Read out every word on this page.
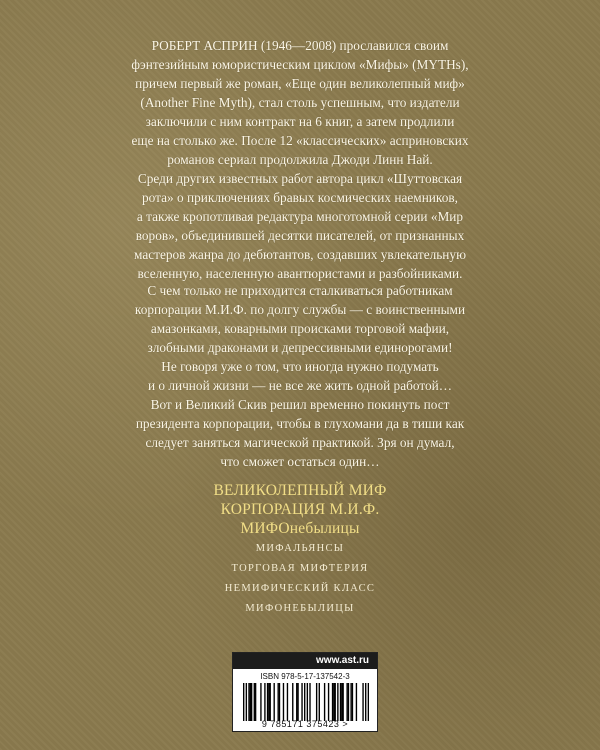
РОБЕРТ АСПРИН (1946—2008) прославился своим
фэнтезийным юмористическим циклом «Мифы» (MYTHs),
причем первый же роман, «Еще один великолепный миф»
(Another Fine Myth), стал столь успешным, что издатели
заключили с ним контракт на 6 книг, а затем продлили
еще на столько же. После 12 «классических» асприновских
романов сериал продолжила Джоди Линн Най.
Среди других известных работ автора цикл «Шуттовская
рота» о приключениях бравых космических наемников,
а также кропотливая редактура многотомной серии «Мир
воров», объединившей десятки писателей, от признанных
мастеров жанра до дебютантов, создавших увлекательную
вселенную, населенную авантюристами и разбойниками.

С чем только не приходится сталкиваться работникам
корпорации М.И.Ф. по долгу службы — с воинственными
амазонками, коварными происками торговой мафии,
злобными драконами и депрессивными единорогами!
Не говоря уже о том, что иногда нужно подумать
и о личной жизни — не все же жить одной работой…
Вот и Великий Скив решил временно покинуть пост
президента корпорации, чтобы в глухомани да в тиши как
следует заняться магической практикой. Зря он думал,
что сможет остаться один…

ВЕЛИКОЛЕПНЫЙ МИФ
КОРПОРАЦИЯ М.И.Ф.
МИФОнебылицы
МИФАЛЬЯНСЫ
ТОРГОВАЯ МИФТЕРИЯ
НЕМИФИЧЕСКИЙ КЛАСС
МИФОНЕБЫЛИЦЫ
www.ast.ru
ISBN 978-5-17-137542-3
9 785171 375423 >
